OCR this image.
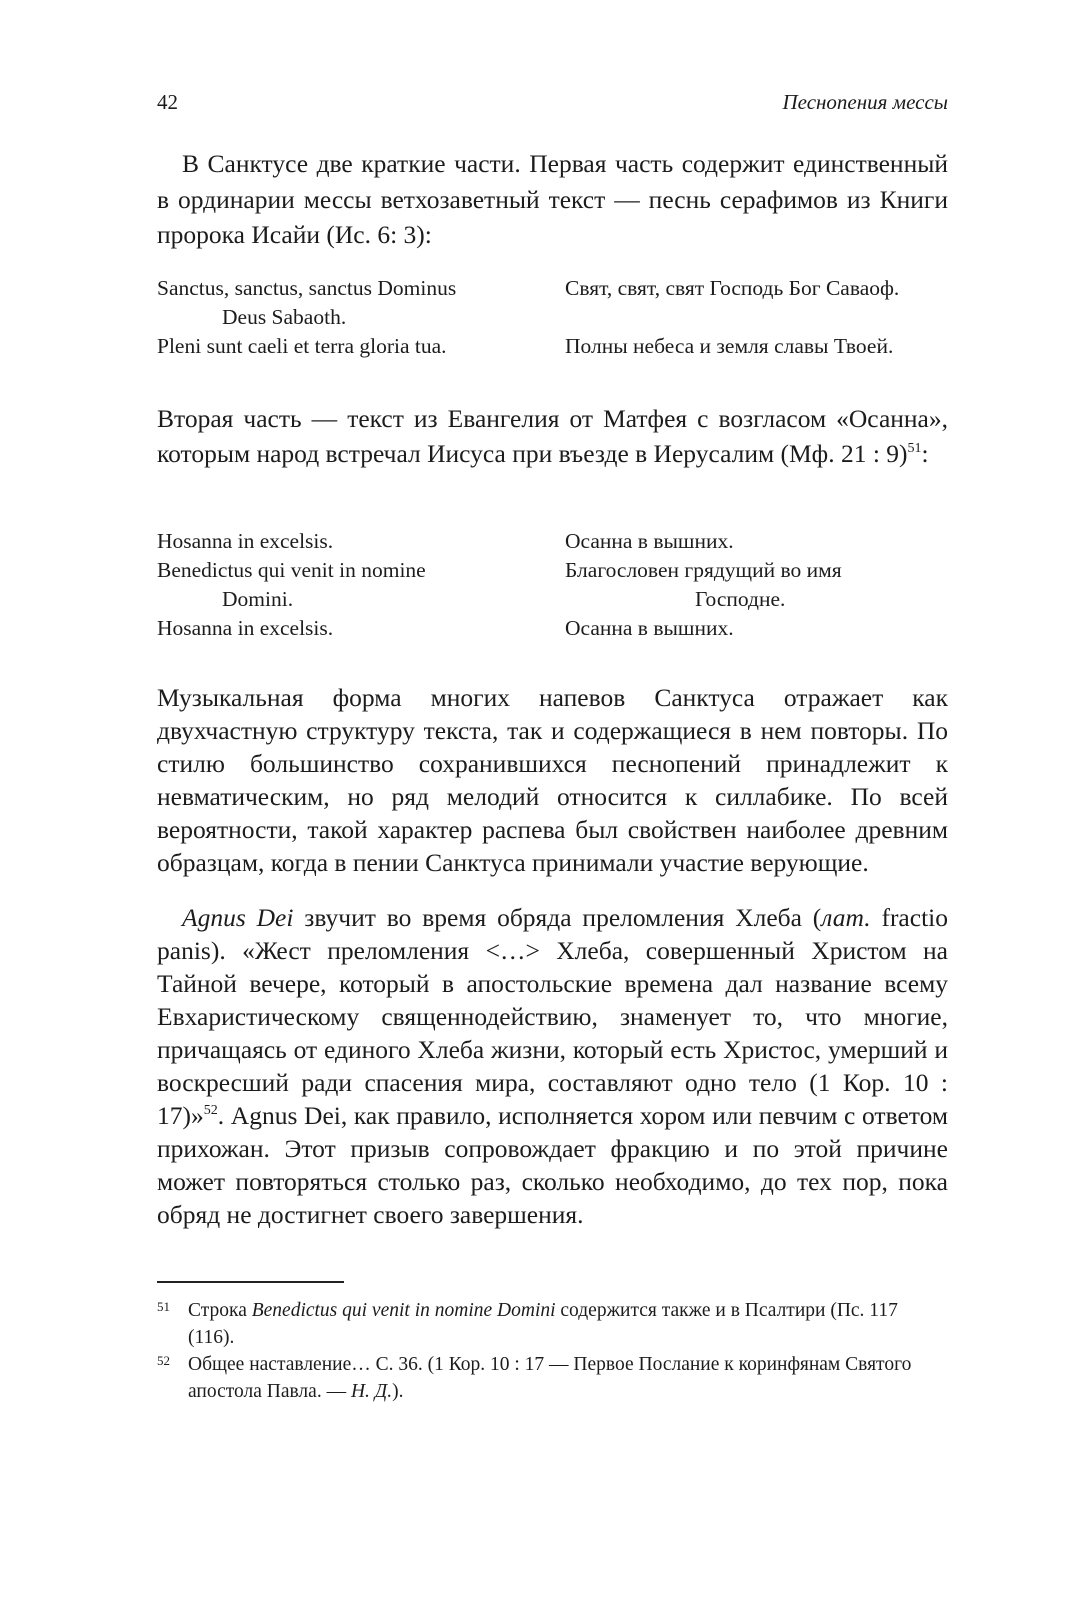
42	Песнопения мессы

В Санктусе две краткие части. Первая часть содержит единственный в ординарии мессы ветхозаветный текст — песнь серафимов из Книги пророка Исайи (Ис. 6: 3):

Sanctus, sanctus, sanctus Dominus	Свят, свят, свят Господь Бог Саваоф.
Deus Sabaoth.
Pleni sunt caeli et terra gloria tua.	Полны небеса и земля славы Твоей.

Вторая часть — текст из Евангелия от Матфея с возгласом «Осанна», которым народ встречал Иисуса при въезде в Иерусалим (Мф. 21 : 9)$^{51}$:

Hosanna in excelsis.	Осанна в вышних.
Benedictus qui venit in nomine	Благословен грядущий во имя
Domini.	Господне.
Hosanna in excelsis.	Осанна в вышних.

Музыкальная форма многих напевов Санктуса отражает как двухчастную структуру текста, так и содержащиеся в нем повторы. По стилю большинство сохранившихся песнопений принадлежит к невматическим, но ряд мелодий относится к силлабике. По всей вероятности, такой характер распева был свойствен наиболее древним образцам, когда в пении Санктуса принимали участие верующие.

Agnus Dei звучит во время обряда преломления Хлеба (лат. fractio panis). «Жест преломления <…> Хлеба, совершенный Христом на Тайной вечере, который в апостольские времена дал название всему Евхаристическому священнодействию, знаменует то, что многие, причащаясь от единого Хлеба жизни, который есть Христос, умерший и воскресший ради спасения мира, составляют одно тело (1 Кор. 10 : 17)»$^{52}$. Agnus Dei, как правило, исполняется хором или певчим с ответом прихожан. Этот призыв сопровождает фракцию и по этой причине может повторяться столько раз, сколько необходимо, до тех пор, пока обряд не достигнет своего завершения.

51 Строка Benedictus qui venit in nomine Domini содержится также и в Псалтири (Пс. 117 (116).
52 Общее наставление… С. 36. (1 Кор. 10 : 17 — Первое Послание к коринфянам Святого апостола Павла. — Н. Д.).
